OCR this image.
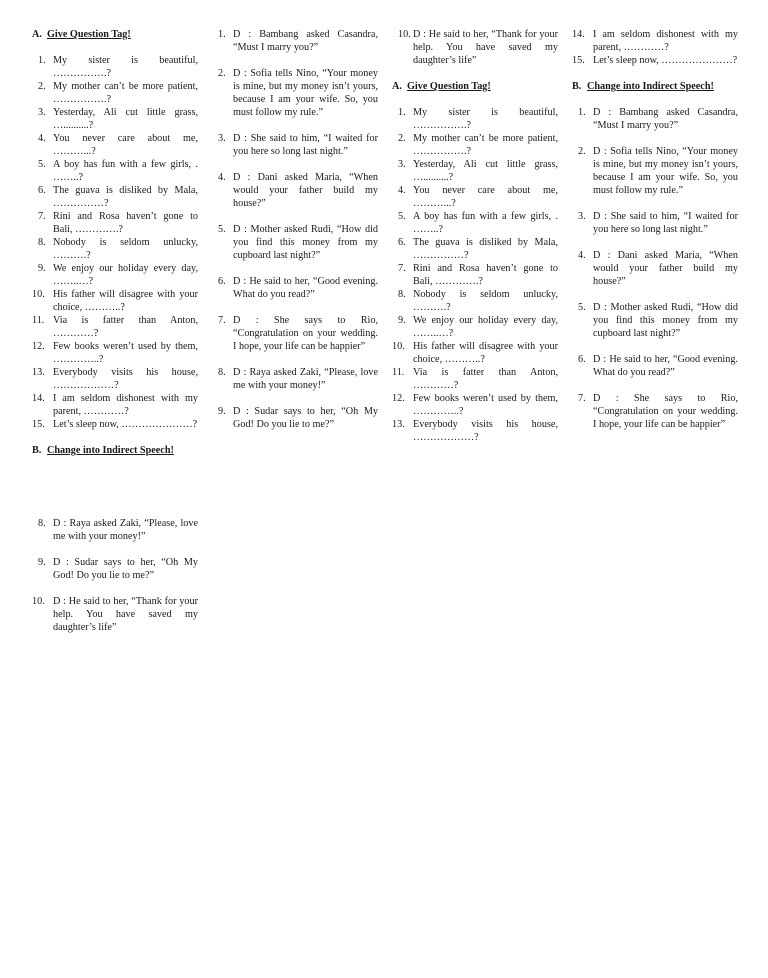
A. Give Question Tag!
1. My sister is beautiful, …………….?
2. My mother can’t be more patient, …………….?
3. Yesterday, Ali cut little grass, …..........?
4. You never care about me, ………...?
5. A boy has fun with a few girls, . ……..?
6. The guava is disliked by Mala, ……………?
7. Rini and Rosa haven’t gone to Bali, ………….?
8. Nobody is seldom unlucky, ……….?
9. We enjoy our holiday every day, ……..…?
10. His father will disagree with your choice, ………..?
11. Via is fatter than Anton, …………?
12. Few books weren’t used by them, …………..?
13. Everybody visits his house, ………………?
14. I am seldom dishonest with my parent, …………?
15. Let’s sleep now, …………………?
B. Change into Indirect Speech!
8. D : Raya asked Zaki, “Please, love me with your money!”
9. D : Sudar says to her, “Oh My God! Do you lie to me?”
10. D : He said to her, “Thank for your help. You have saved my daughter’s life”
1. D : Bambang asked Casandra, “Must I marry you?”
2. D : Sofia tells Nino, “Your money is mine, but my money isn’t yours, because I am your wife. So, you must follow my rule.”
3. D : She said to him, “I waited for you here so long last night.”
4. D : Dani asked Maria, “When would your father build my house?”
5. D : Mother asked Rudi, “How did you find this money from my cupboard last night?”
6. D : He said to her, “Good evening. What do you read?”
7. D : She says to Rio, “Congratulation on your wedding. I hope, your life can be happier”
8. D : Raya asked Zaki, “Please, love me with your money!”
9. D : Sudar says to her, “Oh My God! Do you lie to me?”
10. D : He said to her, “Thank for your help. You have saved my daughter’s life”
A. Give Question Tag!
1. My sister is beautiful, …………….?
2. My mother can’t be more patient, …………….?
3. Yesterday, Ali cut little grass, …..........?
4. You never care about me, ………...?
5. A boy has fun with a few girls, . ……..?
6. The guava is disliked by Mala, ……………?
7. Rini and Rosa haven’t gone to Bali, ………….?
8. Nobody is seldom unlucky, ……….?
9. We enjoy our holiday every day, ……..…?
10. His father will disagree with your choice, ………..?
11. Via is fatter than Anton, …………?
12. Few books weren’t used by them, …………..?
13. Everybody visits his house, ………………?
14. I am seldom dishonest with my parent, …………?
15. Let’s sleep now, …………………?
B. Change into Indirect Speech!
1. D : Bambang asked Casandra, “Must I marry you?”
2. D : Sofia tells Nino, “Your money is mine, but my money isn’t yours, because I am your wife. So, you must follow my rule.”
3. D : She said to him, “I waited for you here so long last night.”
4. D : Dani asked Maria, “When would your father build my house?”
5. D : Mother asked Rudi, “How did you find this money from my cupboard last night?”
6. D : He said to her, “Good evening. What do you read?”
7. D : She says to Rio, “Congratulation on your wedding. I hope, your life can be happier”
